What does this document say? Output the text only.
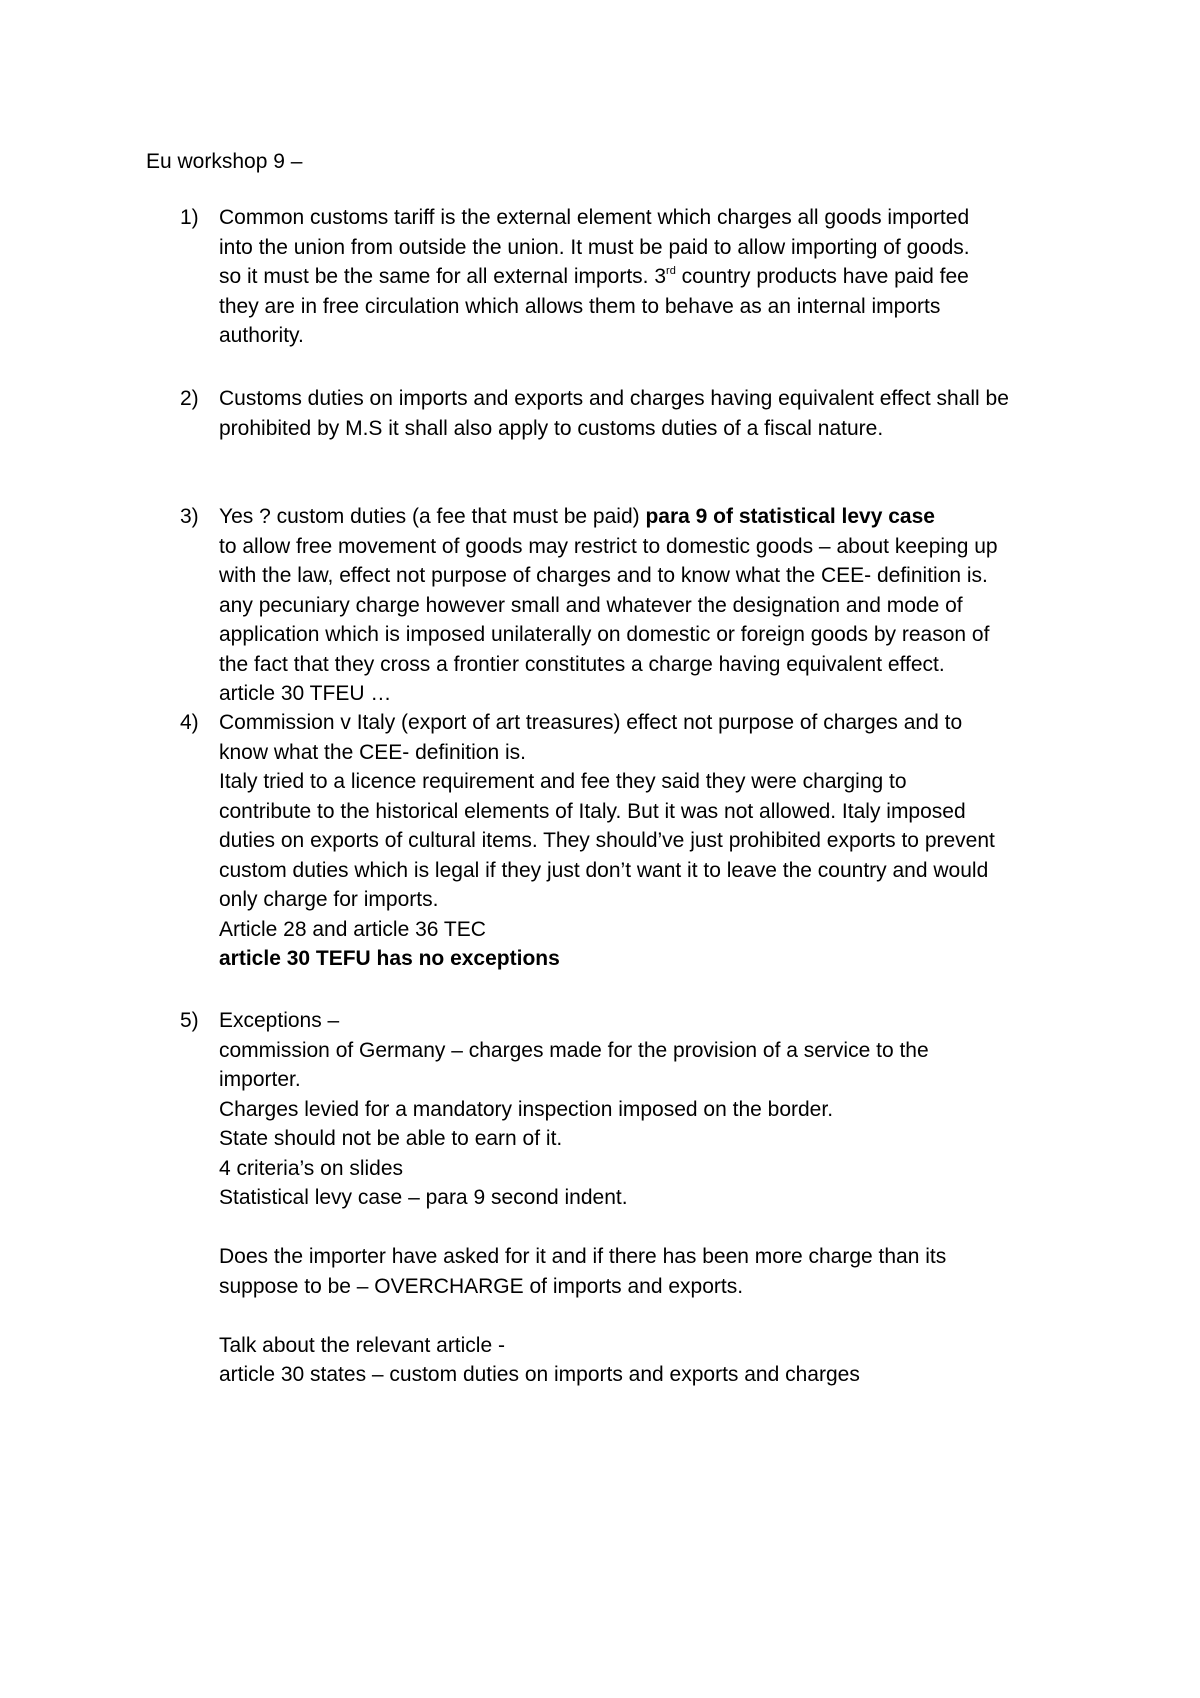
Eu workshop 9 –
1) Common customs tariff is the external element which charges all goods imported
into the union from outside the union. It must be paid to allow importing of goods.
so it must be the same for all external imports. 3rd country products have paid fee
they are in free circulation which allows them to behave as an internal imports
authority.
2) Customs duties on imports and exports and charges having equivalent effect shall be
prohibited by M.S it shall also apply to customs duties of a fiscal nature.
3) Yes ? custom duties (a fee that must be paid) para 9 of statistical levy case
to allow free movement of goods may restrict to domestic goods – about keeping up
with the law, effect not purpose of charges and to know what the CEE- definition is.
any pecuniary charge however small and whatever the designation and mode of
application which is imposed unilaterally on domestic or foreign goods by reason of
the fact that they cross a frontier constitutes a charge having equivalent effect.
article 30 TFEU …
4) Commission v Italy (export of art treasures) effect not purpose of charges and to
know what the CEE- definition is.
Italy tried to a licence requirement and fee they said they were charging to
contribute to the historical elements of Italy. But it was not allowed. Italy imposed
duties on exports of cultural items. They should’ve just prohibited exports to prevent
custom duties which is legal if they just don’t want it to leave the country and would
only charge for imports.
Article 28 and article 36 TEC
article 30 TEFU has no exceptions
5) Exceptions –
commission of Germany – charges made for the provision of a service to the
importer.
Charges levied for a mandatory inspection imposed on the border.
State should not be able to earn of it.
4 criteria’s on slides
Statistical levy case – para 9 second indent.
Does the importer have asked for it and if there has been more charge than its
suppose to be – OVERCHARGE of imports and exports.
Talk about the relevant article -
article 30 states – custom duties on imports and exports and charges
